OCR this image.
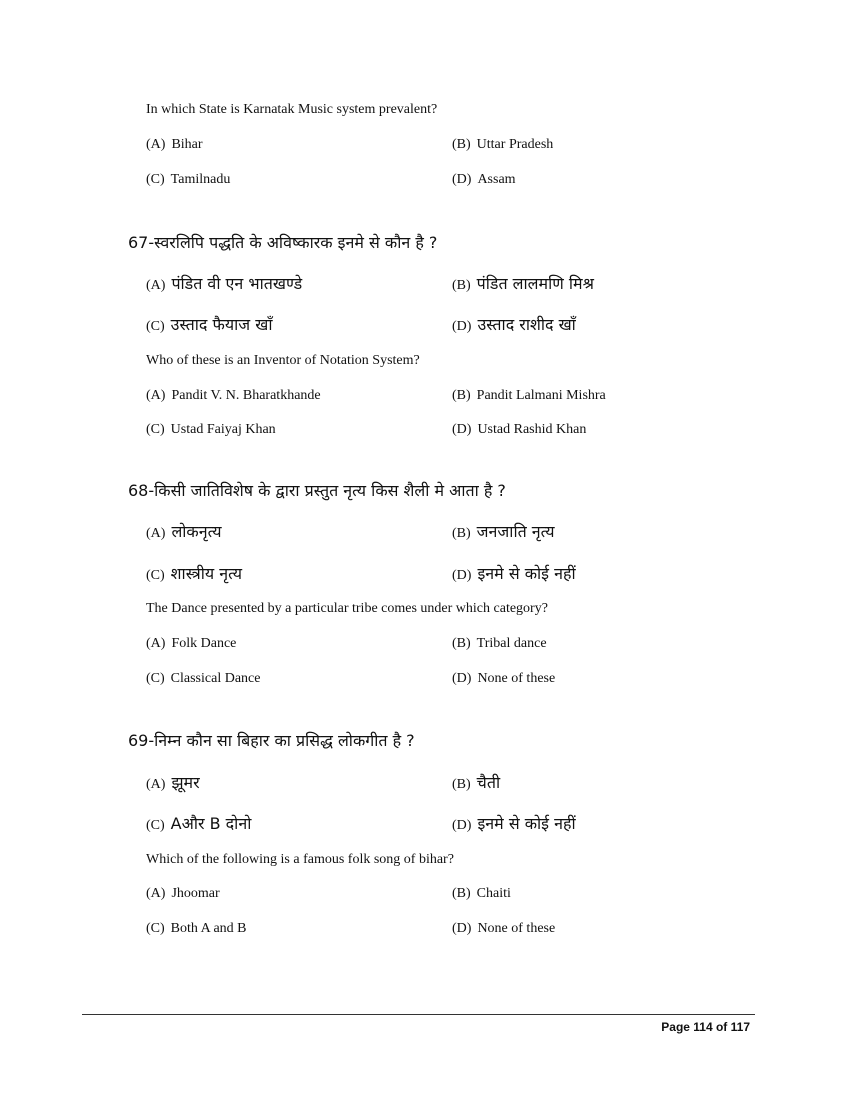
In which State is Karnatak Music system prevalent?
(A) Bihar	(B) Uttar Pradesh
(C) Tamilnadu	(D) Assam
67-स्वरलिपि पद्धति के अविष्कारक इनमे से कौन है ?
(A) पंडित वी एन भातखण्डे	(B) पंडित लालमणि मिश्र
(C) उस्ताद फैयाज खाँ	(D) उस्ताद राशीद खाँ
Who of these is an Inventor of Notation System?
(A) Pandit V. N. Bharatkhande	(B) Pandit Lalmani Mishra
(C) Ustad Faiyaj Khan	(D) Ustad Rashid Khan
68-किसी जातिविशेष के द्वारा प्रस्तुत नृत्य किस शैली मे आता है ?
(A) लोकनृत्य	(B) जनजाति नृत्य
(C) शास्त्रीय नृत्य	(D) इनमे से कोई नहीं
The Dance presented by a particular tribe comes under which category?
(A) Folk Dance	(B) Tribal dance
(C) Classical Dance	(D) None of these
69-निम्न कौन सा बिहार का प्रसिद्ध लोकगीत है ?
(A) झूमर	(B) चैती
(C) Aऔर B दोनो	(D) इनमे से कोई नहीं
Which of the following is a famous folk song of bihar?
(A) Jhoomar	(B) Chaiti
(C) Both A and B	(D) None of these
Page 114 of 117
